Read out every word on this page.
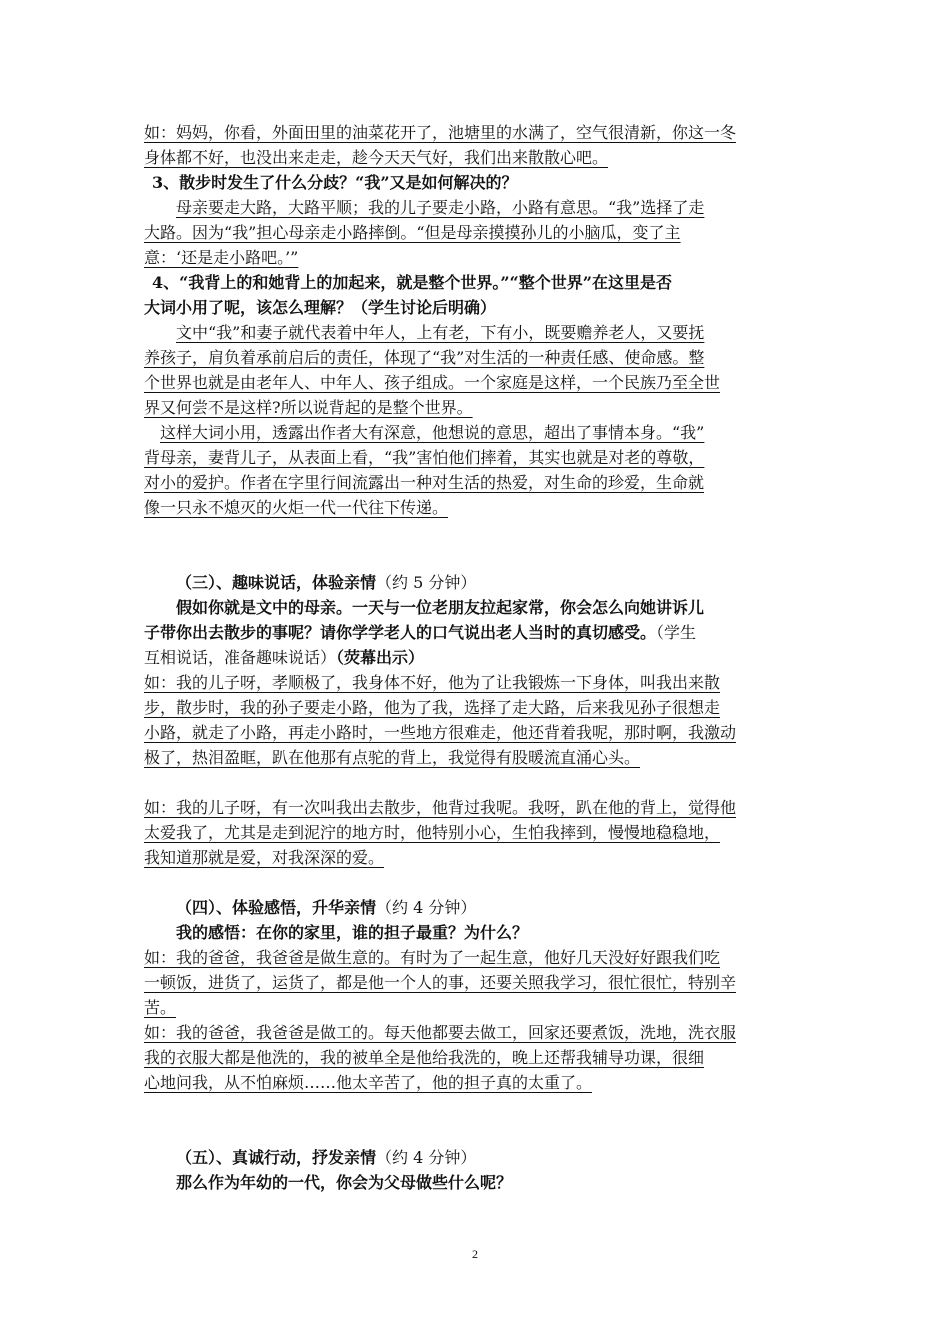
如：妈妈，你看，外面田里的油菜花开了，池塘里的水满了，空气很清新，你这一冬
身体都不好，也没出来走走，趁今天天气好，我们出来散散心吧。
3、散步时发生了什么分歧？“我”又是如何解决的？
母亲要走大路，大路平顺；我的儿子要走小路，小路有意思。“我”选择了走
大路。因为“我”担心母亲走小路摔倒。“但是母亲摸摸孙儿的小脑瓜，变了主
意：‘还是走小路吧。’”
4、“我背上的和她背上的加起来，就是整个世界。”“整个世界”在这里是否
大词小用了呢，该怎么理解？（学生讨论后明确）
文中“我”和妻子就代表着中年人，上有老，下有小，既要赡养老人，又要抚
养孩子，肩负着承前启后的责任，体现了“我”对生活的一种责任感、使命感。整
个世界也就是由老年人、中年人、孩子组成。一个家庭是这样，一个民族乃至全世
界又何尝不是这样?所以说背起的是整个世界。
这样大词小用，透露出作者大有深意，他想说的意思，超出了事情本身。“我”
背母亲，妻背儿子，从表面上看，“我”害怕他们摔着，其实也就是对老的尊敬，
对小的爱护。作者在字里行间流露出一种对生活的热爱，对生命的珍爱，生命就
像一只永不熄灭的火炬一代一代往下传递。
（三）、趣味说话，体验亲情（约 5 分钟）
假如你就是文中的母亲。一天与一位老朋友拉起家常，你会怎么向她讲诉儿
子带你出去散步的事呢？请你学学老人的口气说出老人当时的真切感受。（学生
互相说话，准备趣味说话）（荧幕出示）
如：我的儿子呀，孝顺极了，我身体不好，他为了让我锻炼一下身体，叫我出来散
步，散步时，我的孙子要走小路，他为了我，选择了走大路，后来我见孙子很想走
小路，就走了小路，再走小路时，一些地方很难走，他还背着我呢，那时啊，我激动
极了，热泪盈眶，趴在他那有点驼的背上，我觉得有股暖流直涌心头。
如：我的儿子呀，有一次叫我出去散步，他背过我呢。我呀，趴在他的背上，觉得他
太爱我了，尤其是走到泥泞的地方时，他特别小心，生怕我摔到，慢慢地稳稳地，
我知道那就是爱，对我深深的爱。
（四）、体验感悟，升华亲情（约 4 分钟）
我的感悟：在你的家里，谁的担子最重？为什么？
如：我的爸爸，我爸爸是做生意的。有时为了一起生意，他好几天没好好跟我们吃
一顿饭，进货了，运货了，都是他一个人的事，还要关照我学习，很忙很忙，特别辛
苦。
如：我的爸爸，我爸爸是做工的。每天他都要去做工，回家还要煮饭，洗地，洗衣服
我的衣服大都是他洗的，我的被单全是他给我洗的，晚上还帮我辅导功课，很细
心地问我，从不怕麻烦……他太辛苦了，他的担子真的太重了。
（五）、真诚行动，抒发亲情（约 4 分钟）
那么作为年幼的一代，你会为父母做些什么呢？
2
